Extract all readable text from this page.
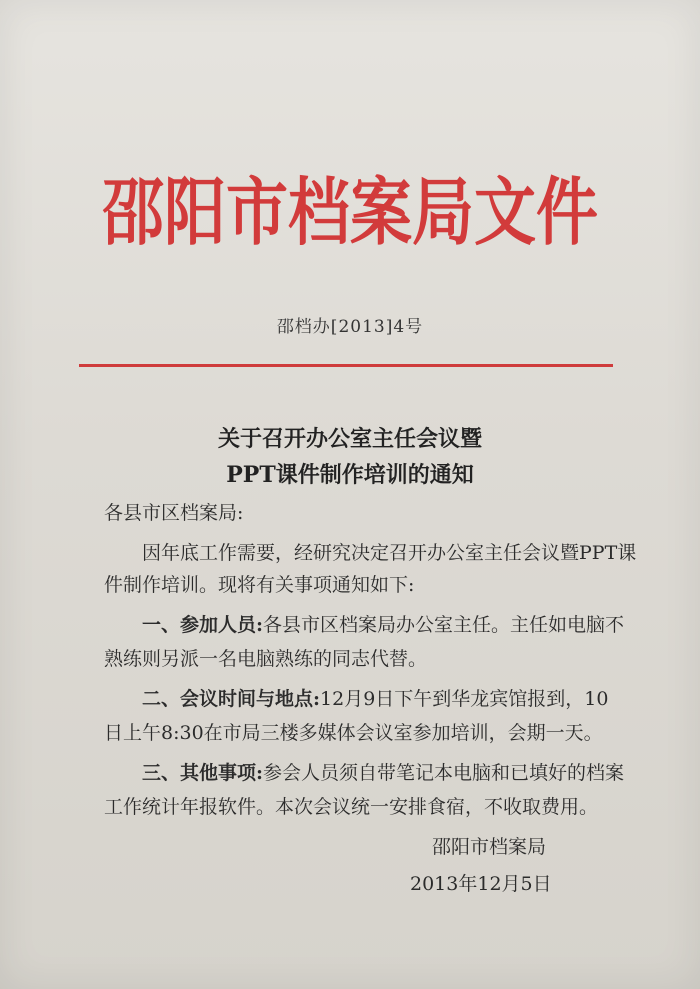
邵阳市档案局文件
邵档办[2013]4号
关于召开办公室主任会议暨
PPT课件制作培训的通知
各县市区档案局:
因年底工作需要，经研究决定召开办公室主任会议暨PPT课
件制作培训。现将有关事项通知如下:
一、参加人员:各县市区档案局办公室主任。主任如电脑不
熟练则另派一名电脑熟练的同志代替。
二、会议时间与地点:12月9日下午到华龙宾馆报到，10
日上午8:30在市局三楼多媒体会议室参加培训，会期一天。
三、其他事项:参会人员须自带笔记本电脑和已填好的档案
工作统计年报软件。本次会议统一安排食宿，不收取费用。
邵阳市档案局
2013年12月5日
